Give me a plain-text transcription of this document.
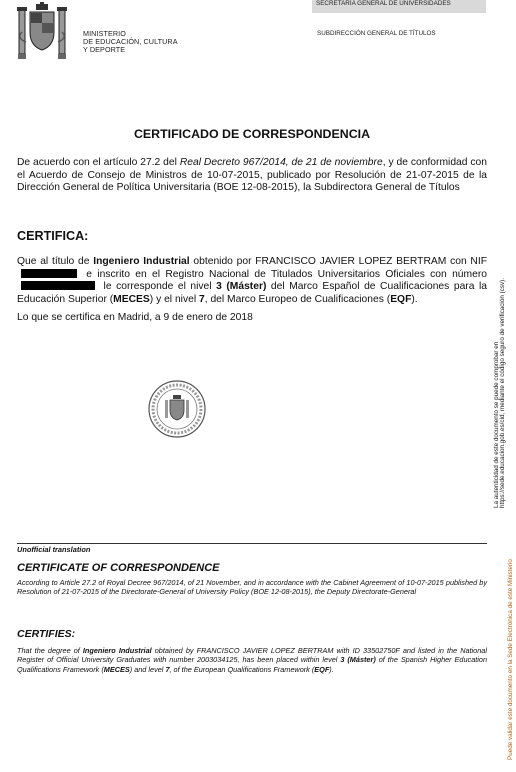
MINISTERIO
DE EDUCACIÓN, CULTURA
Y DEPORTE
SECRETARÍA GENERAL DE UNIVERSIDADES
SUBDIRECCIÓN GENERAL DE TÍTULOS
CERTIFICADO DE CORRESPONDENCIA
De acuerdo con el artículo 27.2 del Real Decreto 967/2014, de 21 de noviembre, y de conformidad con el Acuerdo de Consejo de Ministros de 10-07-2015, publicado por Resolución de 21-07-2015 de la Dirección General de Política Universitaria (BOE 12-08-2015), la Subdirectora General de Títulos
CERTIFICA:
Que al título de Ingeniero Industrial obtenido por FRANCISCO JAVIER LOPEZ BERTRAM con NIF  e inscrito en el Registro Nacional de Titulados Universitarios Oficiales con número  le corresponde el nivel 3 (Máster) del Marco Español de Cualificaciones para la Educación Superior (MECES) y el nivel 7, del Marco Europeo de Cualificaciones (EQF).
Lo que se certifica en Madrid, a 9 de enero de 2018
Unofficial translation
CERTIFICATE OF CORRESPONDENCE
According to Article 27.2 of Royal Decree 967/2014, of 21 November, and in accordance with the Cabinet Agreement of 10-07-2015 published by Resolution of 21-07-2015 of the Directorate-General of University Policy (BOE 12-08-2015), the Deputy Directorate-General
CERTIFIES:
That the degree of Ingeniero Industrial obtained by FRANCISCO JAVIER LOPEZ BERTRAM with ID 33502750F and listed in the National Register of Official University Graduates with number 2003034125, has been placed within level 3 (Máster) of the Spanish Higher Education Qualifications Framework (MECES) and level 7, of the European Qualifications Framework (EQF).
La autenticidad de este documento se puede comprobar en https://sede.educacion.gob.es/cid, mediante el código seguro de verificación (csv).
Puede validar este documento en la Sede Electrónica de este Ministerio
